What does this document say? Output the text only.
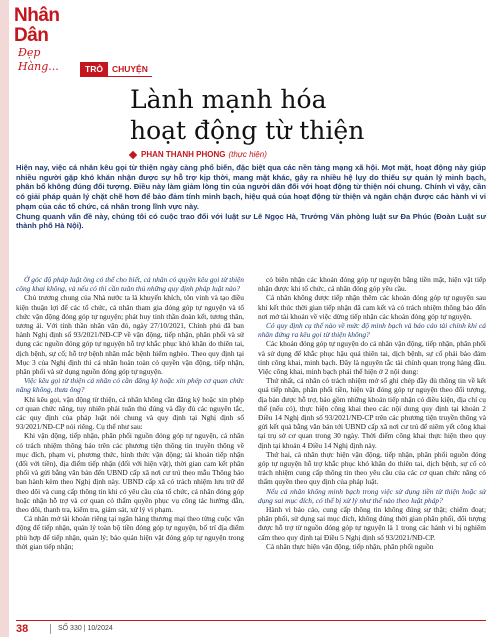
Nhân Dân
Đẹp Hàng...	TRÒ	CHUYỆN
Lành mạnh hóa
hoạt động từ thiện
PHAN THANH PHONG (thực hiện)

Hiện nay, việc cá nhân kêu gọi từ thiện ngày càng phổ biến, đặc biệt qua các nền tảng mạng xã hội. Mọt mặt, hoạt động này giúp nhiều người gặp khó khăn nhận được sự hỗ trợ kịp thời, mang mặt khác, gây ra nhiều hệ lụy do thiếu sự quản lý minh bạch, phân bổ không đúng đối tượng. Điều này làm giảm lòng tin của người dân đối với hoạt động từ thiện nói chung. Chính vì vậy, cần có giải pháp quản lý chặt chẽ hơn để bảo đảm tính minh bạch, hiệu quả của hoạt động từ thiện và ngăn chặn được các hành vi vi phạm của các tổ chức, cá nhân trong lĩnh vực này.

Chung quanh vấn đề này, chúng tôi có cuộc trao đổi với luật sư Lê Ngọc Hà, Trưởng Văn phòng luật sư Đa Phúc (Đoàn Luật sư thành phố Hà Nội).

Ở góc độ pháp luật ông có thể cho biết, cá nhân có quyền kêu gọi từ thiện công khai không, và nếu có thì cần tuân thủ những quy định pháp luật nào?

Chủ trương chung của Nhà nước ta là khuyến khích, tôn vinh và tạo điều kiện thuận lợi để các tổ chức, cá nhân tham gia đóng góp tự nguyện và tổ chức vận động đóng góp tự nguyện; phát huy tinh thần đoàn kết, tương thân, tương ái. Với tinh thần nhân văn đó, ngày 27/10/2021, Chính phủ đã ban hành Nghị định số 93/2021/NĐ-CP về vận động, tiếp nhận, phân phối và sử dụng các nguồn đóng góp tự nguyện hỗ trợ khắc phục khó khăn do thiên tai, dịch bệnh, sự cố; hỗ trợ bệnh nhân mắc bệnh hiểm nghèo. Theo quy định tại Mục 3 của Nghị định thì cá nhân hoàn toàn có quyền vận động, tiếp nhận, phân phối và sử dụng nguồn đóng góp tự nguyện.

Việc kêu gọi từ thiện cá nhân có cần đăng ký hoặc xin phép cơ quan chức năng không, thưa ông?

Khi kêu gọi, vận động từ thiện, cá nhân không cần đăng ký hoặc xin phép cơ quan chức năng, tuy nhiên phải tuân thủ đúng và đầy đủ các nguyên tắc, các quy định của pháp luật nói chung và quy định tại Nghị định số 93/2021/NĐ-CP nói riêng. Cụ thể như sau:

Khi vận động, tiếp nhận, phân phối nguồn đóng góp tự nguyện, cá nhân có trách nhiệm thông báo trên các phương tiện thông tin truyền thông về mục đích, phạm vi, phương thức, hình thức vận động; tài khoản tiếp nhận (đối với tiền), địa điểm tiếp nhận (đối với hiện vật), thời gian cam kết phân phối và gửi bằng văn bản đến UBND cấp xã nơi cư trú theo mẫu Thông báo ban hành kèm theo Nghị định này. UBND cấp xã có trách nhiệm lưu trữ để theo dõi và cung cấp thông tin khi có yêu cầu của tổ chức, cá nhân đóng góp hoặc nhận hỗ trợ và cơ quan có thẩm quyền phục vụ công tác hướng dẫn, theo dõi, thanh tra, kiểm tra, giám sát, xử lý vi phạm.

Cá nhân mở tài khoản riêng tại ngân hàng thương mại theo từng cuộc vận động để tiếp nhận, quản lý toàn bộ tiền đóng góp tự nguyện, bố trí địa điểm phù hợp để tiếp nhận, quản lý; bảo quản hiện vật đóng góp tự nguyện trong thời gian tiếp nhận;

có biên nhận các khoản đóng góp tự nguyện bằng tiền mặt, hiện vật tiếp nhận được khi tổ chức, cá nhân đóng góp yêu cầu.

Cá nhân không được tiếp nhận thêm các khoản đóng góp tự nguyện sau khi kết thúc thời gian tiếp nhận đã cam kết và có trách nhiệm thông báo đến nơi mở tài khoản về việc dừng tiếp nhận các khoản đóng góp tự nguyện.

Có quy định cụ thể nào về mức độ minh bạch và báo cáo tài chính khi cá nhân đứng ra kêu gọi từ thiện không?

Các khoản đóng góp tự nguyện do cá nhân vận động, tiếp nhận, phân phối và sử dụng để khắc phục hậu quả thiên tai, dịch bệnh, sự cố phải bảo đảm tính công khai, minh bạch. Đây là nguyên tắc tài chính quan trọng hàng đầu. Việc công khai, minh bạch phải thể hiện ở 2 nội dung:

Thứ nhất, cá nhân có trách nhiệm mở sổ ghi chép đầy đủ thông tin về kết quả tiếp nhận, phân phối tiền, hiện vật đóng góp tự nguyện theo đối tượng, địa bàn được hỗ trợ, bảo gồm những khoản tiếp nhận có điều kiện, địa chỉ cụ thể (nếu có), thực hiện công khai theo các nội dung quy định tại khoản 2 Điều 14 Nghị định số 93/2021/NĐ-CP trên các phương tiện truyền thông và gửi kết quả bằng văn bản tới UBND cấp xã nơi cư trú để niêm yết công khai tại trụ sở cơ quan trong 30 ngày. Thời điểm công khai thực hiện theo quy định tại khoản 4 Điều 14 Nghị định này.

Thứ hai, cá nhân thực hiện vận động, tiếp nhận, phân phối nguồn đóng góp tự nguyện hỗ trợ khắc phục khó khăn do thiên tai, dịch bệnh, sự cố có trách nhiệm cung cấp thông tin theo yêu cầu của các cơ quan chức năng có thẩm quyền theo quy định của pháp luật.

Nếu cá nhân không minh bạch trong việc sử dụng tiền từ thiện hoặc sử dụng sai mục đích, có thể bị xử lý như thế nào theo luật pháp?

Hành vi báo cáo, cung cấp thông tin không đúng sự thật; chiếm đoạt; phân phối, sử dụng sai mục đích, không đúng thời gian phân phối, đối tượng được hỗ trợ từ nguồn đóng góp tự nguyện là 1 trong các hành vi bị nghiêm cấm theo quy định tại Điều 5 Nghị định số 93/2021/NĐ-CP.

Cá nhân thực hiện vận động, tiếp nhận, phân phối nguồn

38	SỐ 330 | 10/2024
